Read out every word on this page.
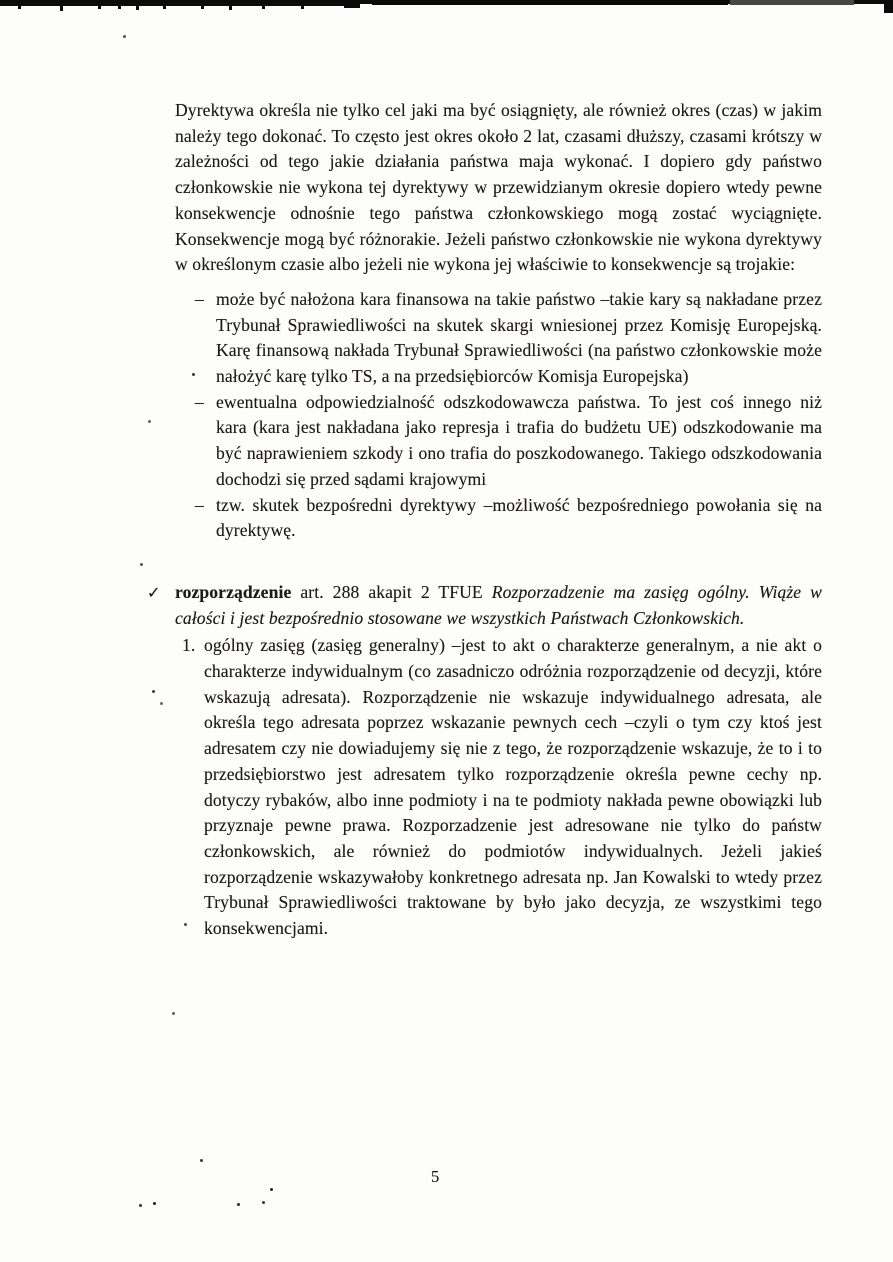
Dyrektywa określa nie tylko cel jaki ma być osiągnięty, ale również okres (czas) w jakim należy tego dokonać. To często jest okres około 2 lat, czasami dłuższy, czasami krótszy w zależności od tego jakie działania państwa maja wykonać. I dopiero gdy państwo członkowskie nie wykona tej dyrektywy w przewidzianym okresie dopiero wtedy pewne konsekwencje odnośnie tego państwa członkowskiego mogą zostać wyciągnięte. Konsekwencje mogą być różnorakie. Jeżeli państwo członkowskie nie wykona dyrektywy w określonym czasie albo jeżeli nie wykona jej właściwie to konsekwencje są trojakie:

– może być nałożona kara finansowa na takie państwo –takie kary są nakładane przez Trybunał Sprawiedliwości na skutek skargi wniesionej przez Komisję Europejską. Karę finansową nakłada Trybunał Sprawiedliwości (na państwo członkowskie może nałożyć karę tylko TS, a na przedsiębiorców Komisja Europejska)
– ewentualna odpowiedzialność odszkodowawcza państwa. To jest coś innego niż kara (kara jest nakładana jako represja i trafia do budżetu UE) odszkodowanie ma być naprawieniem szkody i ono trafia do poszkodowanego. Takiego odszkodowania dochodzi się przed sądami krajowymi
– tzw. skutek bezpośredni dyrektywy –możliwość bezpośredniego powołania się na dyrektywę.
✓ rozporządzenie art. 288 akapit 2 TFUE Rozporzadzenie ma zasięg ogólny. Wiąże w całości i jest bezpośrednio stosowane we wszystkich Państwach Członkowskich.
1. ogólny zasięg (zasięg generalny) –jest to akt o charakterze generalnym, a nie akt o charakterze indywidualnym (co zasadniczo odróżnia rozporządzenie od decyzji, które wskazują adresata). Rozporządzenie nie wskazuje indywidualnego adresata, ale określa tego adresata poprzez wskazanie pewnych cech –czyli o tym czy ktoś jest adresatem czy nie dowiadujemy się nie z tego, że rozporządzenie wskazuje, że to i to przedsiębiorstwo jest adresatem tylko rozporządzenie określa pewne cechy np. dotyczy rybaków, albo inne podmioty i na te podmioty nakłada pewne obowiązki lub przyznaje pewne prawa. Rozporzadzenie jest adresowane nie tylko do państw członkowskich, ale również do podmiotów indywidualnych. Jeżeli jakieś rozporządzenie wskazywałoby konkretnego adresata np. Jan Kowalski to wtedy przez Trybunał Sprawiedliwości traktowane by było jako decyzja, ze wszystkimi tego konsekwencjami.
5
